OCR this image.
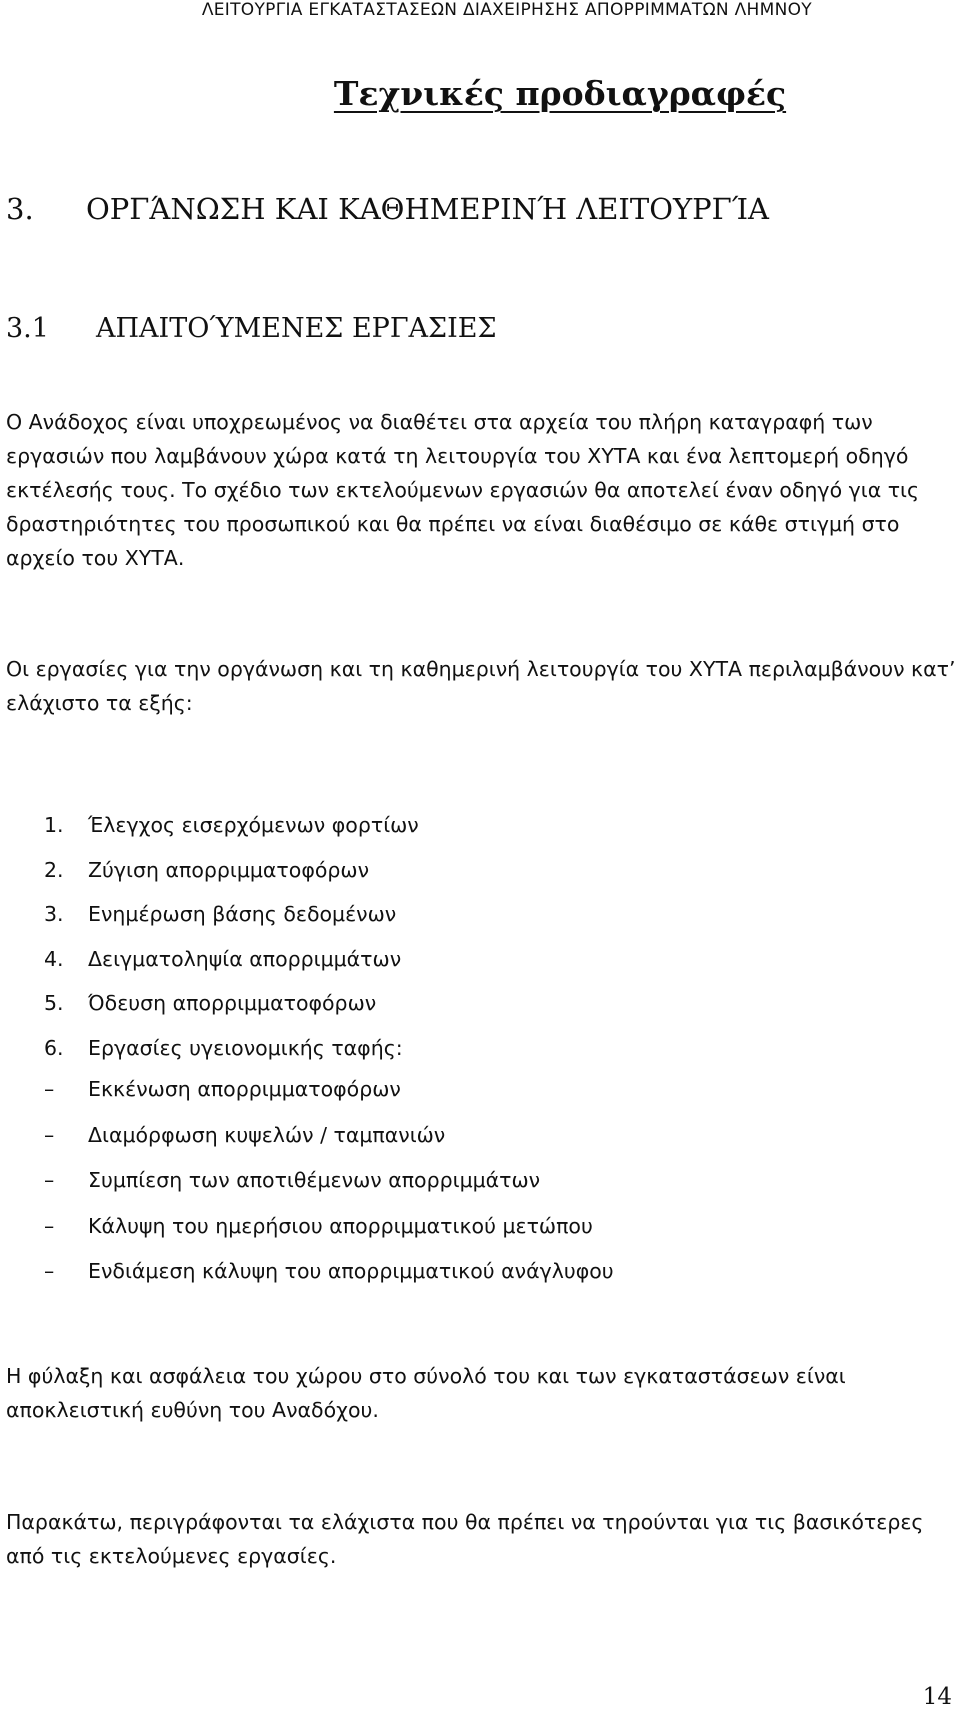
ΛΕΙΤΟΥΡΓΙΑ ΕΓΚΑΤΑΣΤΑΣΕΩΝ ΔΙΑΧΕΙΡΗΣΗΣ ΑΠΟΡΡΙΜΜΑΤΩΝ ΛΗΜΝΟΥ
Τεχνικές προδιαγραφές
3. ΟΡΓΆΝΩΣΗ ΚΑΙ ΚΑΘΗΜΕΡΙΝΉ ΛΕΙΤΟΥΡΓΊΑ
3.1 ΑΠΑΙΤΟΎΜΕΝΕΣ ΕΡΓΑΣΙΕΣ

Ο Ανάδοχος είναι υποχρεωμένος να διαθέτει στα αρχεία του πλήρη καταγραφή των εργασιών που λαμβάνουν χώρα κατά τη λειτουργία του ΧΥΤΑ και ένα λεπτομερή οδηγό εκτέλεσής τους. Το σχέδιο των εκτελούμενων εργασιών θα αποτελεί έναν οδηγό για τις δραστηριότητες του προσωπικού και θα πρέπει να είναι διαθέσιμο σε κάθε στιγμή στο αρχείο του ΧΥΤΑ.

Οι εργασίες για την οργάνωση και τη καθημερινή λειτουργία του ΧΥΤΑ περιλαμβάνουν κατ’ ελάχιστο τα εξής:

1. Έλεγχος εισερχόμενων φορτίων
2. Ζύγιση απορριμματοφόρων
3. Ενημέρωση βάσης δεδομένων
4. Δειγματοληψία απορριμμάτων
5. Όδευση απορριμματοφόρων
6. Εργασίες υγειονομικής ταφής:
– Εκκένωση απορριμματοφόρων
– Διαμόρφωση κυψελών / ταμπανιών
– Συμπίεση των αποτιθέμενων απορριμμάτων
– Κάλυψη του ημερήσιου απορριμματικού μετώπου
– Ενδιάμεση κάλυψη του απορριμματικού ανάγλυφου

Η φύλαξη και ασφάλεια του χώρου στο σύνολό του και των εγκαταστάσεων είναι αποκλειστική ευθύνη του Αναδόχου.

Παρακάτω, περιγράφονται τα ελάχιστα που θα πρέπει να τηρούνται για τις βασικότερες από τις εκτελούμενες εργασίες.

14
